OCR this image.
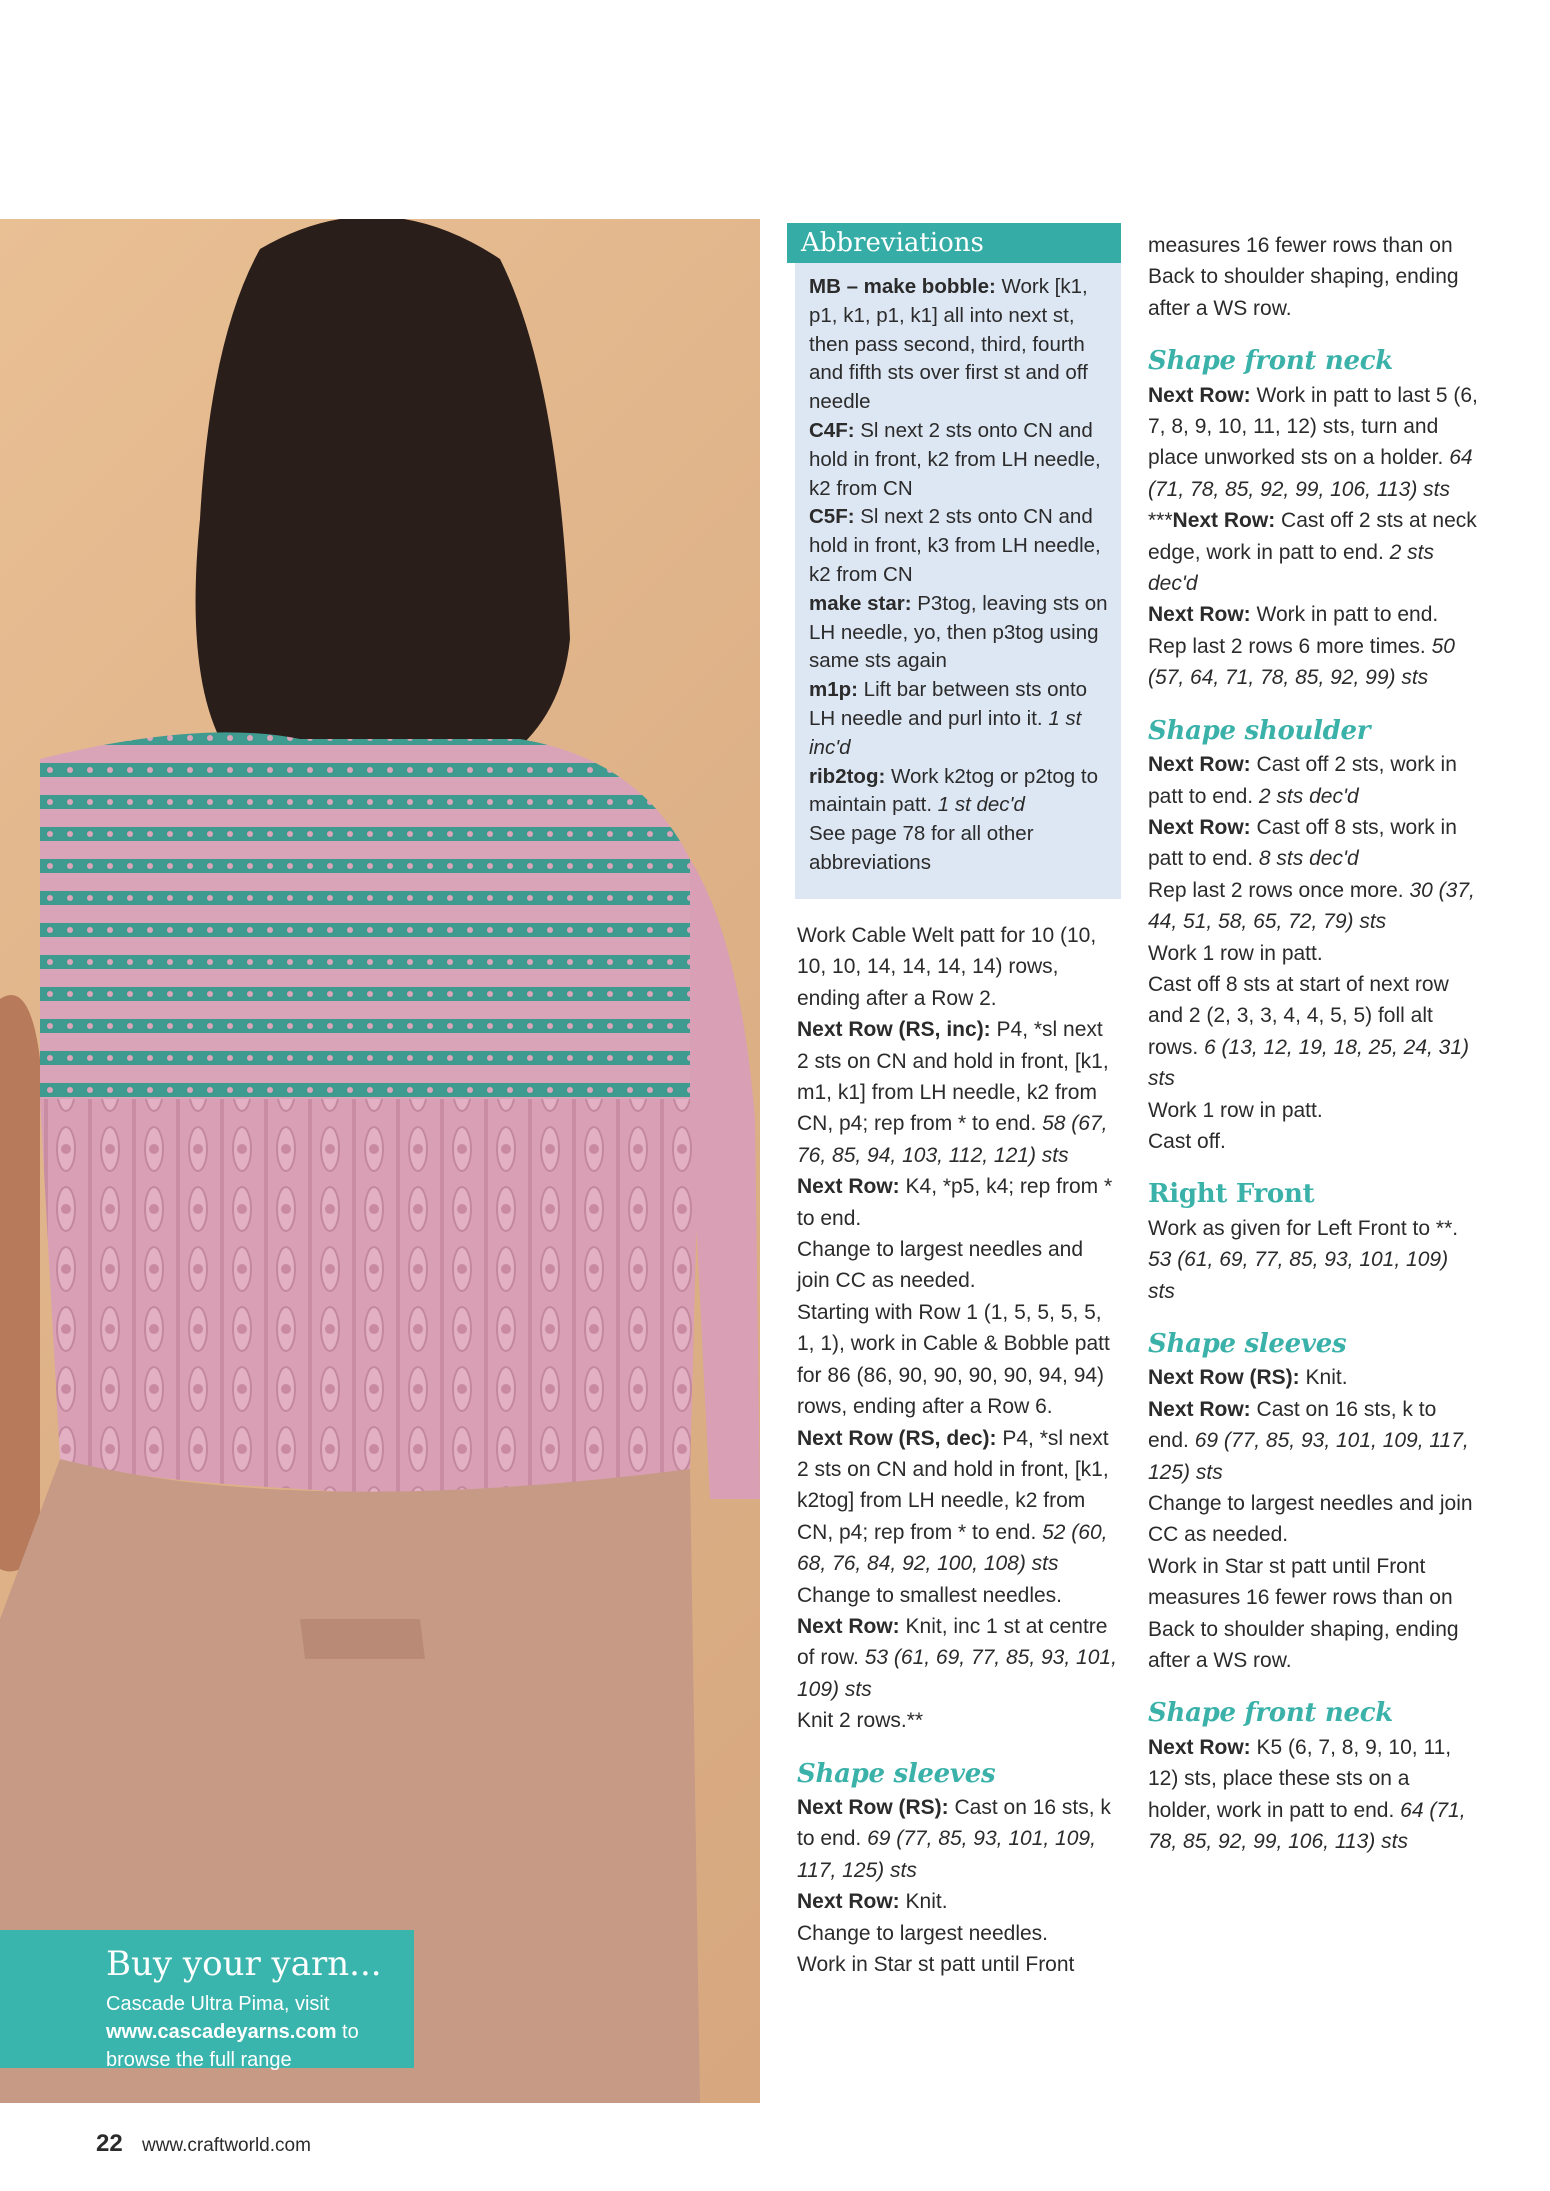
Buy your yarn...

Cascade Ultra Pima, visit
www.cascadeyarns.com to
browse the full range
Abbreviations

MB – make bobble: Work [k1, p1, k1, p1, k1] all into next st, then pass second, third, fourth and fifth sts over first st and off needle

C4F: Sl next 2 sts onto CN and hold in front, k2 from LH needle, k2 from CN

C5F: Sl next 2 sts onto CN and hold in front, k3 from LH needle, k2 from CN

make star: P3tog, leaving sts on LH needle, yo, then p3tog using same sts again

m1p: Lift bar between sts onto LH needle and purl into it. 1 st inc'd

rib2tog: Work k2tog or p2tog to maintain patt. 1 st dec'd

See page 78 for all other abbreviations

Work Cable Welt patt for 10 (10, 10, 10, 14, 14, 14, 14) rows, ending after a Row 2.

Next Row (RS, inc): P4, *sl next 2 sts on CN and hold in front, [k1, m1, k1] from LH needle, k2 from CN, p4; rep from * to end. 58 (67, 76, 85, 94, 103, 112, 121) sts

Next Row: K4, *p5, k4; rep from * to end.

Change to largest needles and join CC as needed.

Starting with Row 1 (1, 5, 5, 5, 5, 1, 1), work in Cable & Bobble patt for 86 (86, 90, 90, 90, 90, 94, 94) rows, ending after a Row 6.

Next Row (RS, dec): P4, *sl next 2 sts on CN and hold in front, [k1, k2tog] from LH needle, k2 from CN, p4; rep from * to end. 52 (60, 68, 76, 84, 92, 100, 108) sts

Change to smallest needles.

Next Row: Knit, inc 1 st at centre of row. 53 (61, 69, 77, 85, 93, 101, 109) sts

Knit 2 rows.**

Shape sleeves

Next Row (RS): Cast on 16 sts, k to end. 69 (77, 85, 93, 101, 109, 117, 125) sts

Next Row: Knit.

Change to largest needles.

Work in Star st patt until Front

measures 16 fewer rows than on Back to shoulder shaping, ending after a WS row.

Shape front neck

Next Row: Work in patt to last 5 (6, 7, 8, 9, 10, 11, 12) sts, turn and place unworked sts on a holder. 64 (71, 78, 85, 92, 99, 106, 113) sts

***Next Row: Cast off 2 sts at neck edge, work in patt to end. 2 sts dec'd

Next Row: Work in patt to end.

Rep last 2 rows 6 more times. 50 (57, 64, 71, 78, 85, 92, 99) sts

Shape shoulder

Next Row: Cast off 2 sts, work in patt to end. 2 sts dec'd

Next Row: Cast off 8 sts, work in patt to end. 8 sts dec'd

Rep last 2 rows once more. 30 (37, 44, 51, 58, 65, 72, 79) sts

Work 1 row in patt.

Cast off 8 sts at start of next row and 2 (2, 3, 3, 4, 4, 5, 5) foll alt rows. 6 (13, 12, 19, 18, 25, 24, 31) sts

Work 1 row in patt.

Cast off.

Right Front

Work as given for Left Front to **. 53 (61, 69, 77, 85, 93, 101, 109) sts

Shape sleeves

Next Row (RS): Knit.

Next Row: Cast on 16 sts, k to end. 69 (77, 85, 93, 101, 109, 117, 125) sts

Change to largest needles and join CC as needed.

Work in Star st patt until Front measures 16 fewer rows than on Back to shoulder shaping, ending after a WS row.

Shape front neck

Next Row: K5 (6, 7, 8, 9, 10, 11, 12) sts, place these sts on a holder, work in patt to end. 64 (71, 78, 85, 92, 99, 106, 113) sts

22 www.craftworld.com
